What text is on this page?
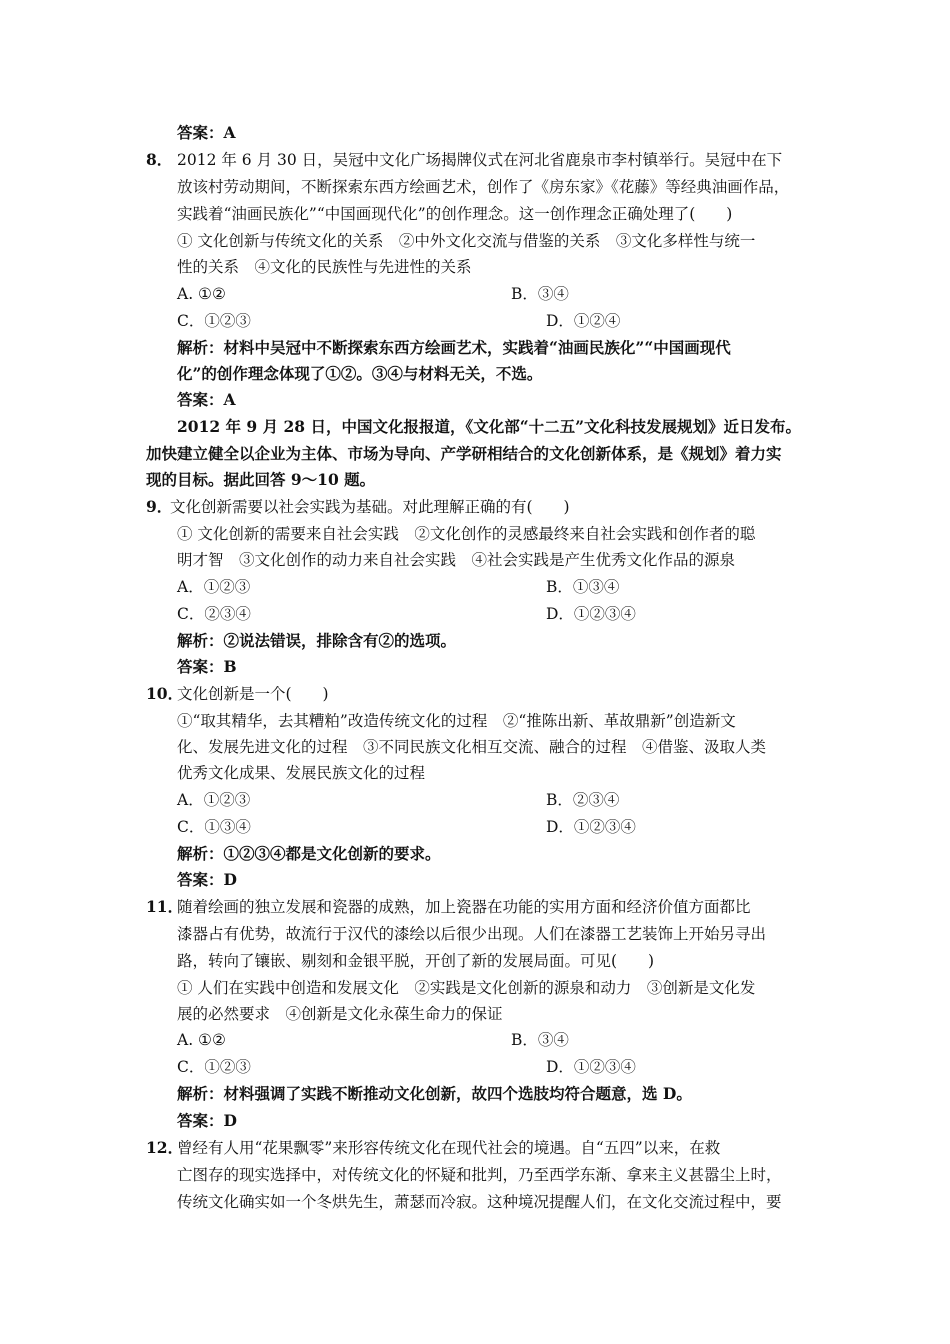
答案：A
8． 2012 年 6 月 30 日，吴冠中文化广场揭牌仪式在河北省鹿泉市李村镇举行。吴冠中在下
放该村劳动期间，不断探索东西方绘画艺术，创作了《房东家》《花藤》等经典油画作品，
实践着“油画民族化”“中国画现代化”的创作理念。这一创作理念正确处理了(　　)
① 文化创新与传统文化的关系　②中外文化交流与借鉴的关系　③文化多样性与统一
性的关系　④文化的民族性与先进性的关系
A. ①②	B．③④
C．①②③	D．①②④
解析：材料中吴冠中不断探索东西方绘画艺术，实践着“油画民族化”“中国画现代
化”的创作理念体现了①②。③④与材料无关，不选。
答案：A
2012 年 9 月 28 日，中国文化报报道，《文化部“十二五”文化科技发展规划》近日发布。
加快建立健全以企业为主体、市场为导向、产学研相结合的文化创新体系，是《规划》着力实
现的目标。据此回答 9～10 题。
9．
文化创新需要以社会实践为基础。对此理解正确的有(　　)
① 文化创新的需要来自社会实践　②文化创作的灵感最终来自社会实践和创作者的聪
明才智　③文化创作的动力来自社会实践　④社会实践是产生优秀文化作品的源泉
A．①②③	B．①③④
C．②③④	D．①②③④
解析：②说法错误，排除含有②的选项。
答案：B
10．
文化创新是一个(　　)
①“取其精华，去其糟粕”改造传统文化的过程　②“推陈出新、革故鼎新”创造新文
化、发展先进文化的过程　③不同民族文化相互交流、融合的过程　④借鉴、汲取人类
优秀文化成果、发展民族文化的过程
A．①②③	B．②③④
C．①③④	D．①②③④
解析：①②③④都是文化创新的要求。
答案：D
11．
随着绘画的独立发展和瓷器的成熟，加上瓷器在功能的实用方面和经济价值方面都比
漆器占有优势，故流行于汉代的漆绘以后很少出现。人们在漆器工艺装饰上开始另寻出
路，转向了镶嵌、剔刻和金银平脱，开创了新的发展局面。可见(　　)
① 人们在实践中创造和发展文化　②实践是文化创新的源泉和动力　③创新是文化发
展的必然要求　④创新是文化永葆生命力的保证
A. ①②	B．③④
C．①②③	D．①②③④
解析：材料强调了实践不断推动文化创新，故四个选肢均符合题意，选 D。
答案：D
12．
曾经有人用“花果飘零”来形容传统文化在现代社会的境遇。自“五四”以来，在救
亡图存的现实选择中，对传统文化的怀疑和批判，乃至西学东渐、拿来主义甚嚣尘上时，
传统文化确实如一个冬烘先生，萧瑟而冷寂。这种境况提醒人们，在文化交流过程中，要
